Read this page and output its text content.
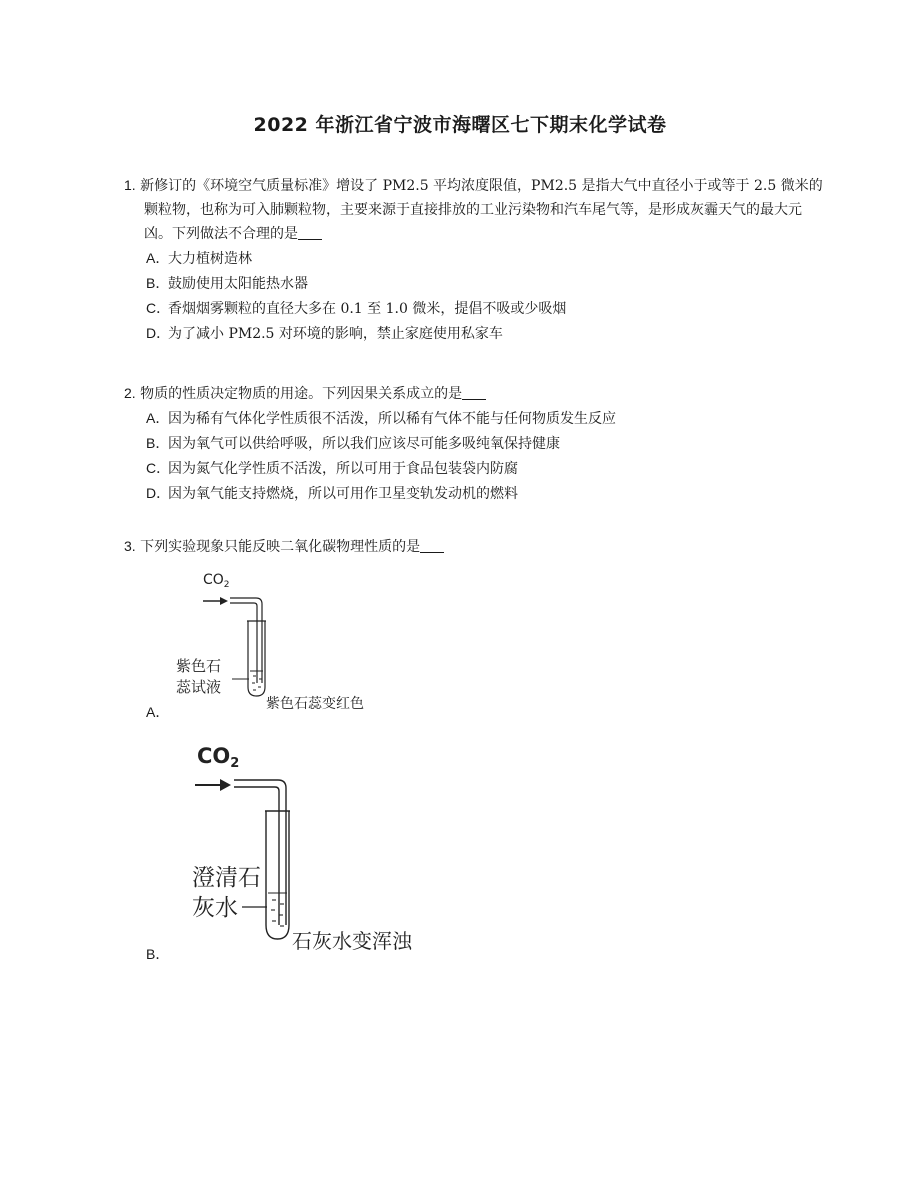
2022 年浙江省宁波市海曙区七下期末化学试卷
1. 新修订的《环境空气质量标准》增设了 PM2.5 平均浓度限值，PM2.5 是指大气中直径小于或等于 2.5 微米的颗粒物，也称为可入肺颗粒物，主要来源于直接排放的工业污染物和汽车尾气等，是形成灰霾天气的最大元凶。下列做法不合理的是
A．大力植树造林
B．鼓励使用太阳能热水器
C．香烟烟雾颗粒的直径大多在 0.1 至 1.0 微米，提倡不吸或少吸烟
D．为了减小 PM2.5 对环境的影响，禁止家庭使用私家车
2. 物质的性质决定物质的用途。下列因果关系成立的是
A．因为稀有气体化学性质很不活泼，所以稀有气体不能与任何物质发生反应
B．因为氧气可以供给呼吸，所以我们应该尽可能多吸纯氧保持健康
C．因为氮气化学性质不活泼，所以可用于食品包装袋内防腐
D．因为氧气能支持燃烧，所以可用作卫星变轨发动机的燃料
3. 下列实验现象只能反映二氧化碳物理性质的是
A．
B．
$CO_2$
紫色石
蕊试液
紫色石蕊变红色
CO2
澄清石
灰水
石灰水变浑浊
